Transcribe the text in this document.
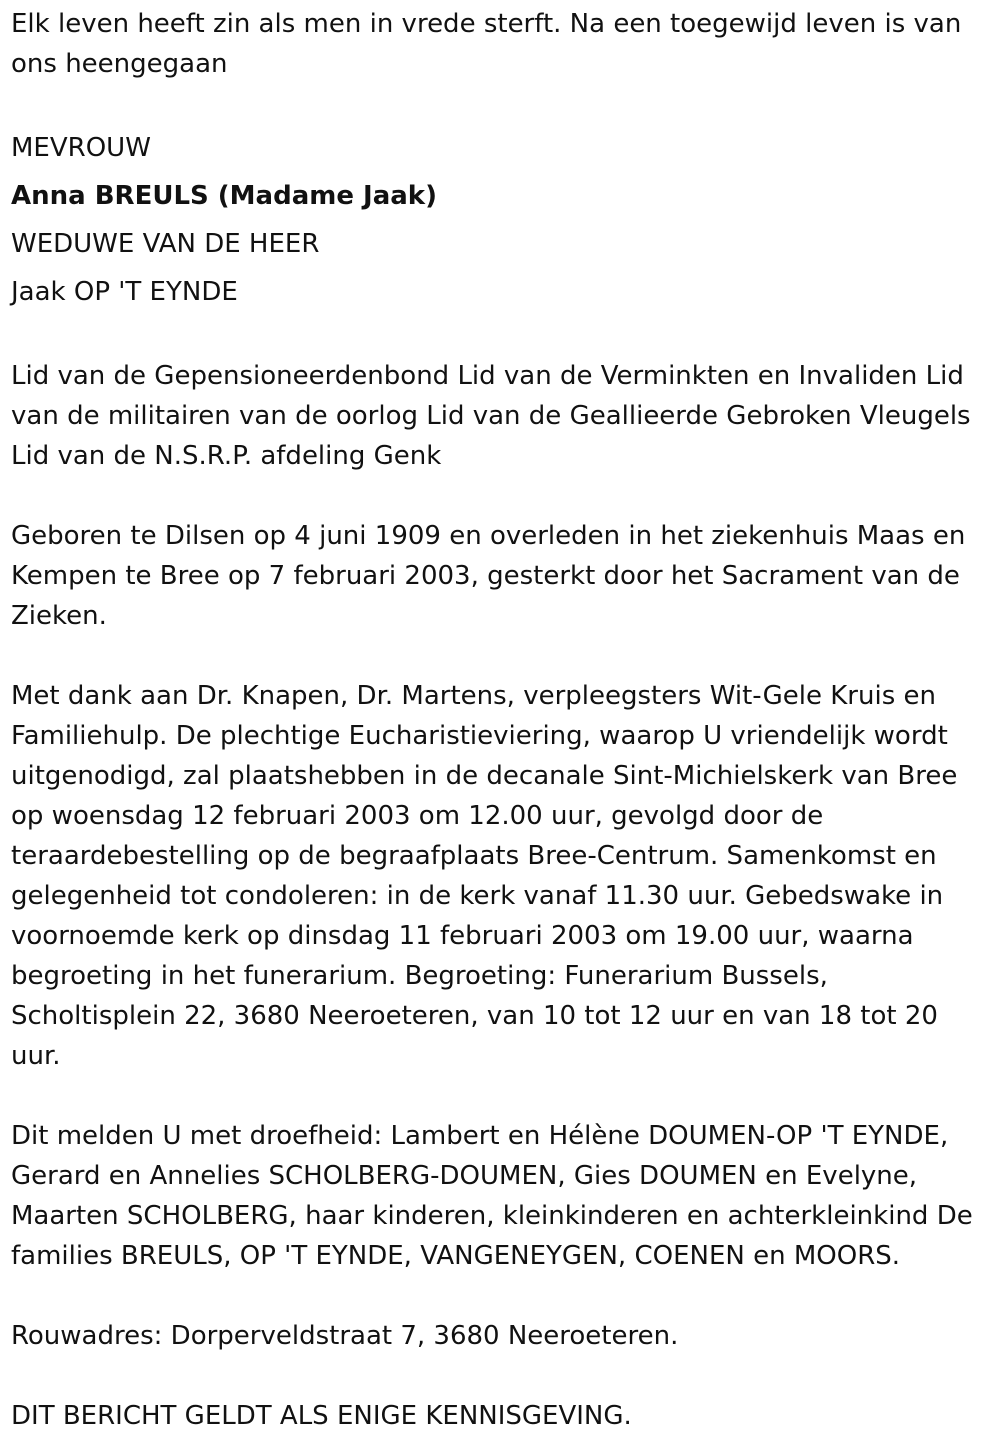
Elk leven heeft zin als men in vrede sterft. Na een toegewijd leven is van ons heengegaan

MEVROUW

Anna BREULS (Madame Jaak)

WEDUWE VAN DE HEER

Jaak OP 'T EYNDE

Lid van de Gepensioneerdenbond Lid van de Verminkten en Invaliden Lid van de militairen van de oorlog Lid van de Geallieerde Gebroken Vleugels Lid van de N.S.R.P. afdeling Genk

Geboren te Dilsen op 4 juni 1909 en overleden in het ziekenhuis Maas en Kempen te Bree op 7 februari 2003, gesterkt door het Sacrament van de Zieken.

Met dank aan Dr. Knapen, Dr. Martens, verpleegsters Wit-Gele Kruis en Familiehulp. De plechtige Eucharistieviering, waarop U vriendelijk wordt uitgenodigd, zal plaatshebben in de decanale Sint-Michielskerk van Bree op woensdag 12 februari 2003 om 12.00 uur, gevolgd door de teraardebestelling op de begraafplaats Bree-Centrum. Samenkomst en gelegenheid tot condoleren: in de kerk vanaf 11.30 uur. Gebedswake in voornoemde kerk op dinsdag 11 februari 2003 om 19.00 uur, waarna begroeting in het funerarium. Begroeting: Funerarium Bussels, Scholtisplein 22, 3680 Neeroeteren, van 10 tot 12 uur en van 18 tot 20 uur.

Dit melden U met droefheid: Lambert en Hélène DOUMEN-OP 'T EYNDE, Gerard en Annelies SCHOLBERG-DOUMEN, Gies DOUMEN en Evelyne, Maarten SCHOLBERG, haar kinderen, kleinkinderen en achterkleinkind De families BREULS, OP 'T EYNDE, VANGENEYGEN, COENEN en MOORS.

Rouwadres: Dorperveldstraat 7, 3680 Neeroeteren.

DIT BERICHT GELDT ALS ENIGE KENNISGEVING.
